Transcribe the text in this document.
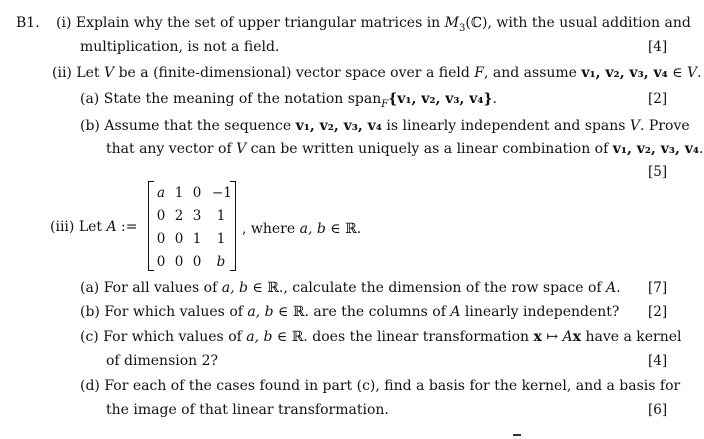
B1. (i) Explain why the set of upper triangular matrices in $M_3(ℂ)$, with the usual addition and
multiplication, is not a field.	[4]
(ii) Let V be a (finite-dimensional) vector space over a field F, and assume v₁, v₂, v₃, v₄ ∈ V.
(a) State the meaning of the notation span$_F${v₁, v₂, v₃, v₄}.	[2]
(b) Assume that the sequence v₁, v₂, v₃, v₄ is linearly independent and spans V. Prove
that any vector of V can be written uniquely as a linear combination of v₁, v₂, v₃, v₄.
[5]
(iii) Let A :=
a 1 0 −1
0 2 3	1
0 0 1	1
0 0 0	b
, where a, b ∈ ℝ.
(a) For all values of a, b ∈ ℝ., calculate the dimension of the row space of A. [7]
(b) For which values of a, b ∈ ℝ. are the columns of A linearly independent? [2]
(c) For which values of a, b ∈ ℝ. does the linear transformation x ↦ Ax have a kernel
of dimension 2?	[4]
(d) For each of the cases found in part (c), find a basis for the kernel, and a basis for
the image of that linear transformation.	[6]
